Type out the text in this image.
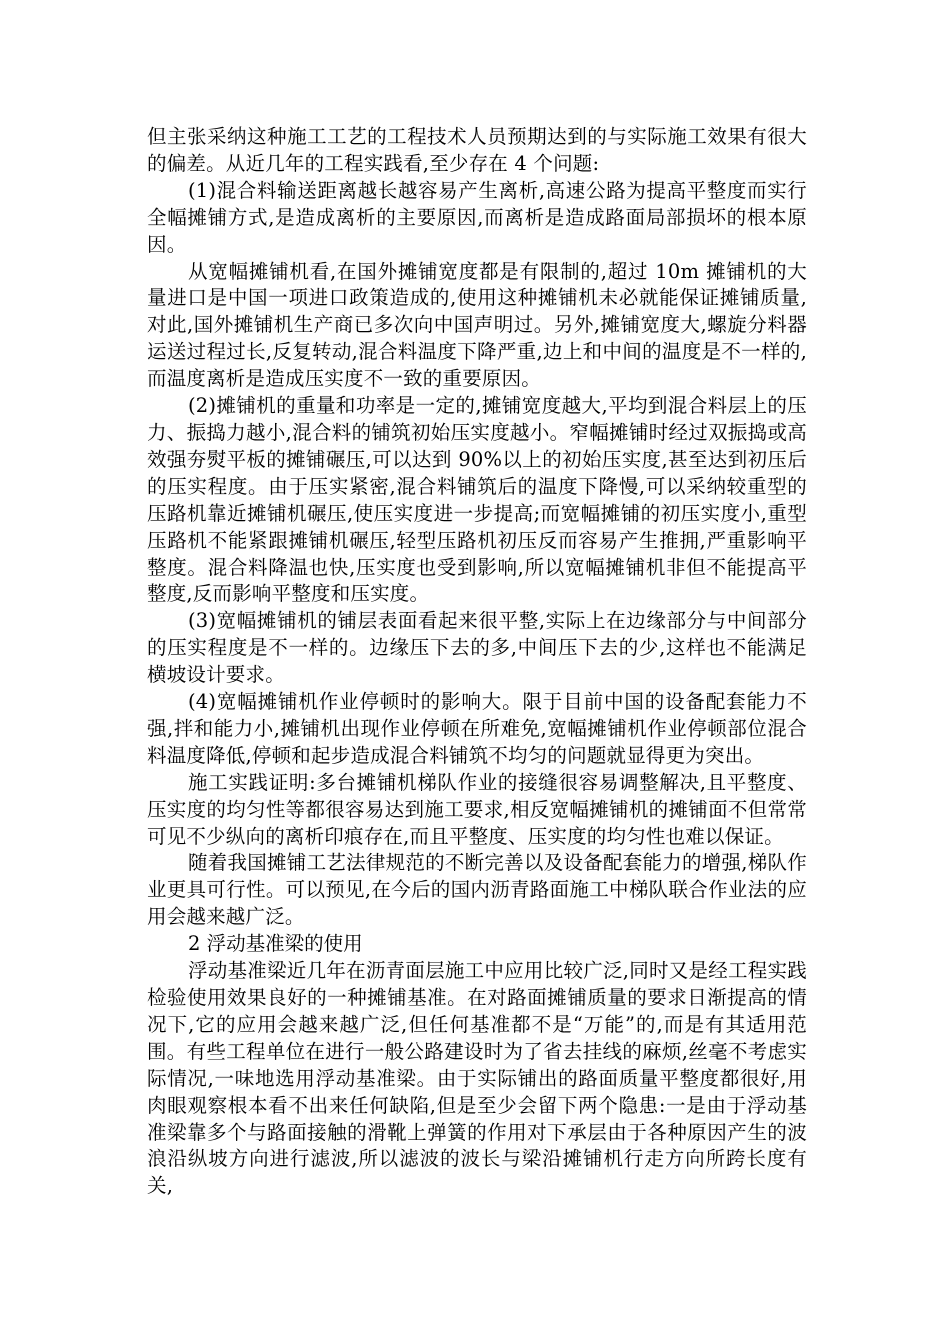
但主张采纳这种施工工艺的工程技术人员预期达到的与实际施工效果有很大的偏差。从近几年的工程实践看,至少存在 4 个问题:

(1)混合料输送距离越长越容易产生离析,高速公路为提高平整度而实行全幅摊铺方式,是造成离析的主要原因,而离析是造成路面局部损坏的根本原因。

从宽幅摊铺机看,在国外摊铺宽度都是有限制的,超过 10m 摊铺机的大量进口是中国一项进口政策造成的,使用这种摊铺机未必就能保证摊铺质量,对此,国外摊铺机生产商已多次向中国声明过。另外,摊铺宽度大,螺旋分料器运送过程过长,反复转动,混合料温度下降严重,边上和中间的温度是不一样的,而温度离析是造成压实度不一致的重要原因。

(2)摊铺机的重量和功率是一定的,摊铺宽度越大,平均到混合料层上的压力、振捣力越小,混合料的铺筑初始压实度越小。窄幅摊铺时经过双振捣或高效强夯熨平板的摊铺碾压,可以达到 90%以上的初始压实度,甚至达到初压后的压实程度。由于压实紧密,混合料铺筑后的温度下降慢,可以采纳较重型的压路机靠近摊铺机碾压,使压实度进一步提高;而宽幅摊铺的初压实度小,重型压路机不能紧跟摊铺机碾压,轻型压路机初压反而容易产生推拥,严重影响平整度。混合料降温也快,压实度也受到影响,所以宽幅摊铺机非但不能提高平整度,反而影响平整度和压实度。

(3)宽幅摊铺机的铺层表面看起来很平整,实际上在边缘部分与中间部分的压实程度是不一样的。边缘压下去的多,中间压下去的少,这样也不能满足横坡设计要求。

(4)宽幅摊铺机作业停顿时的影响大。限于目前中国的设备配套能力不强,拌和能力小,摊铺机出现作业停顿在所难免,宽幅摊铺机作业停顿部位混合料温度降低,停顿和起步造成混合料铺筑不均匀的问题就显得更为突出。

施工实践证明:多台摊铺机梯队作业的接缝很容易调整解决,且平整度、压实度的均匀性等都很容易达到施工要求,相反宽幅摊铺机的摊铺面不但常常可见不少纵向的离析印痕存在,而且平整度、压实度的均匀性也难以保证。

随着我国摊铺工艺法律规范的不断完善以及设备配套能力的增强,梯队作业更具可行性。可以预见,在今后的国内沥青路面施工中梯队联合作业法的应用会越来越广泛。

2 浮动基准梁的使用

浮动基准梁近几年在沥青面层施工中应用比较广泛,同时又是经工程实践检验使用效果良好的一种摊铺基准。在对路面摊铺质量的要求日渐提高的情况下,它的应用会越来越广泛,但任何基准都不是“万能”的,而是有其适用范围。有些工程单位在进行一般公路建设时为了省去挂线的麻烦,丝毫不考虑实际情况,一味地选用浮动基准梁。由于实际铺出的路面质量平整度都很好,用肉眼观察根本看不出来任何缺陷,但是至少会留下两个隐患:一是由于浮动基准梁靠多个与路面接触的滑靴上弹簧的作用对下承层由于各种原因产生的波浪沿纵坡方向进行滤波,所以滤波的波长与梁沿摊铺机行走方向所跨长度有关,
